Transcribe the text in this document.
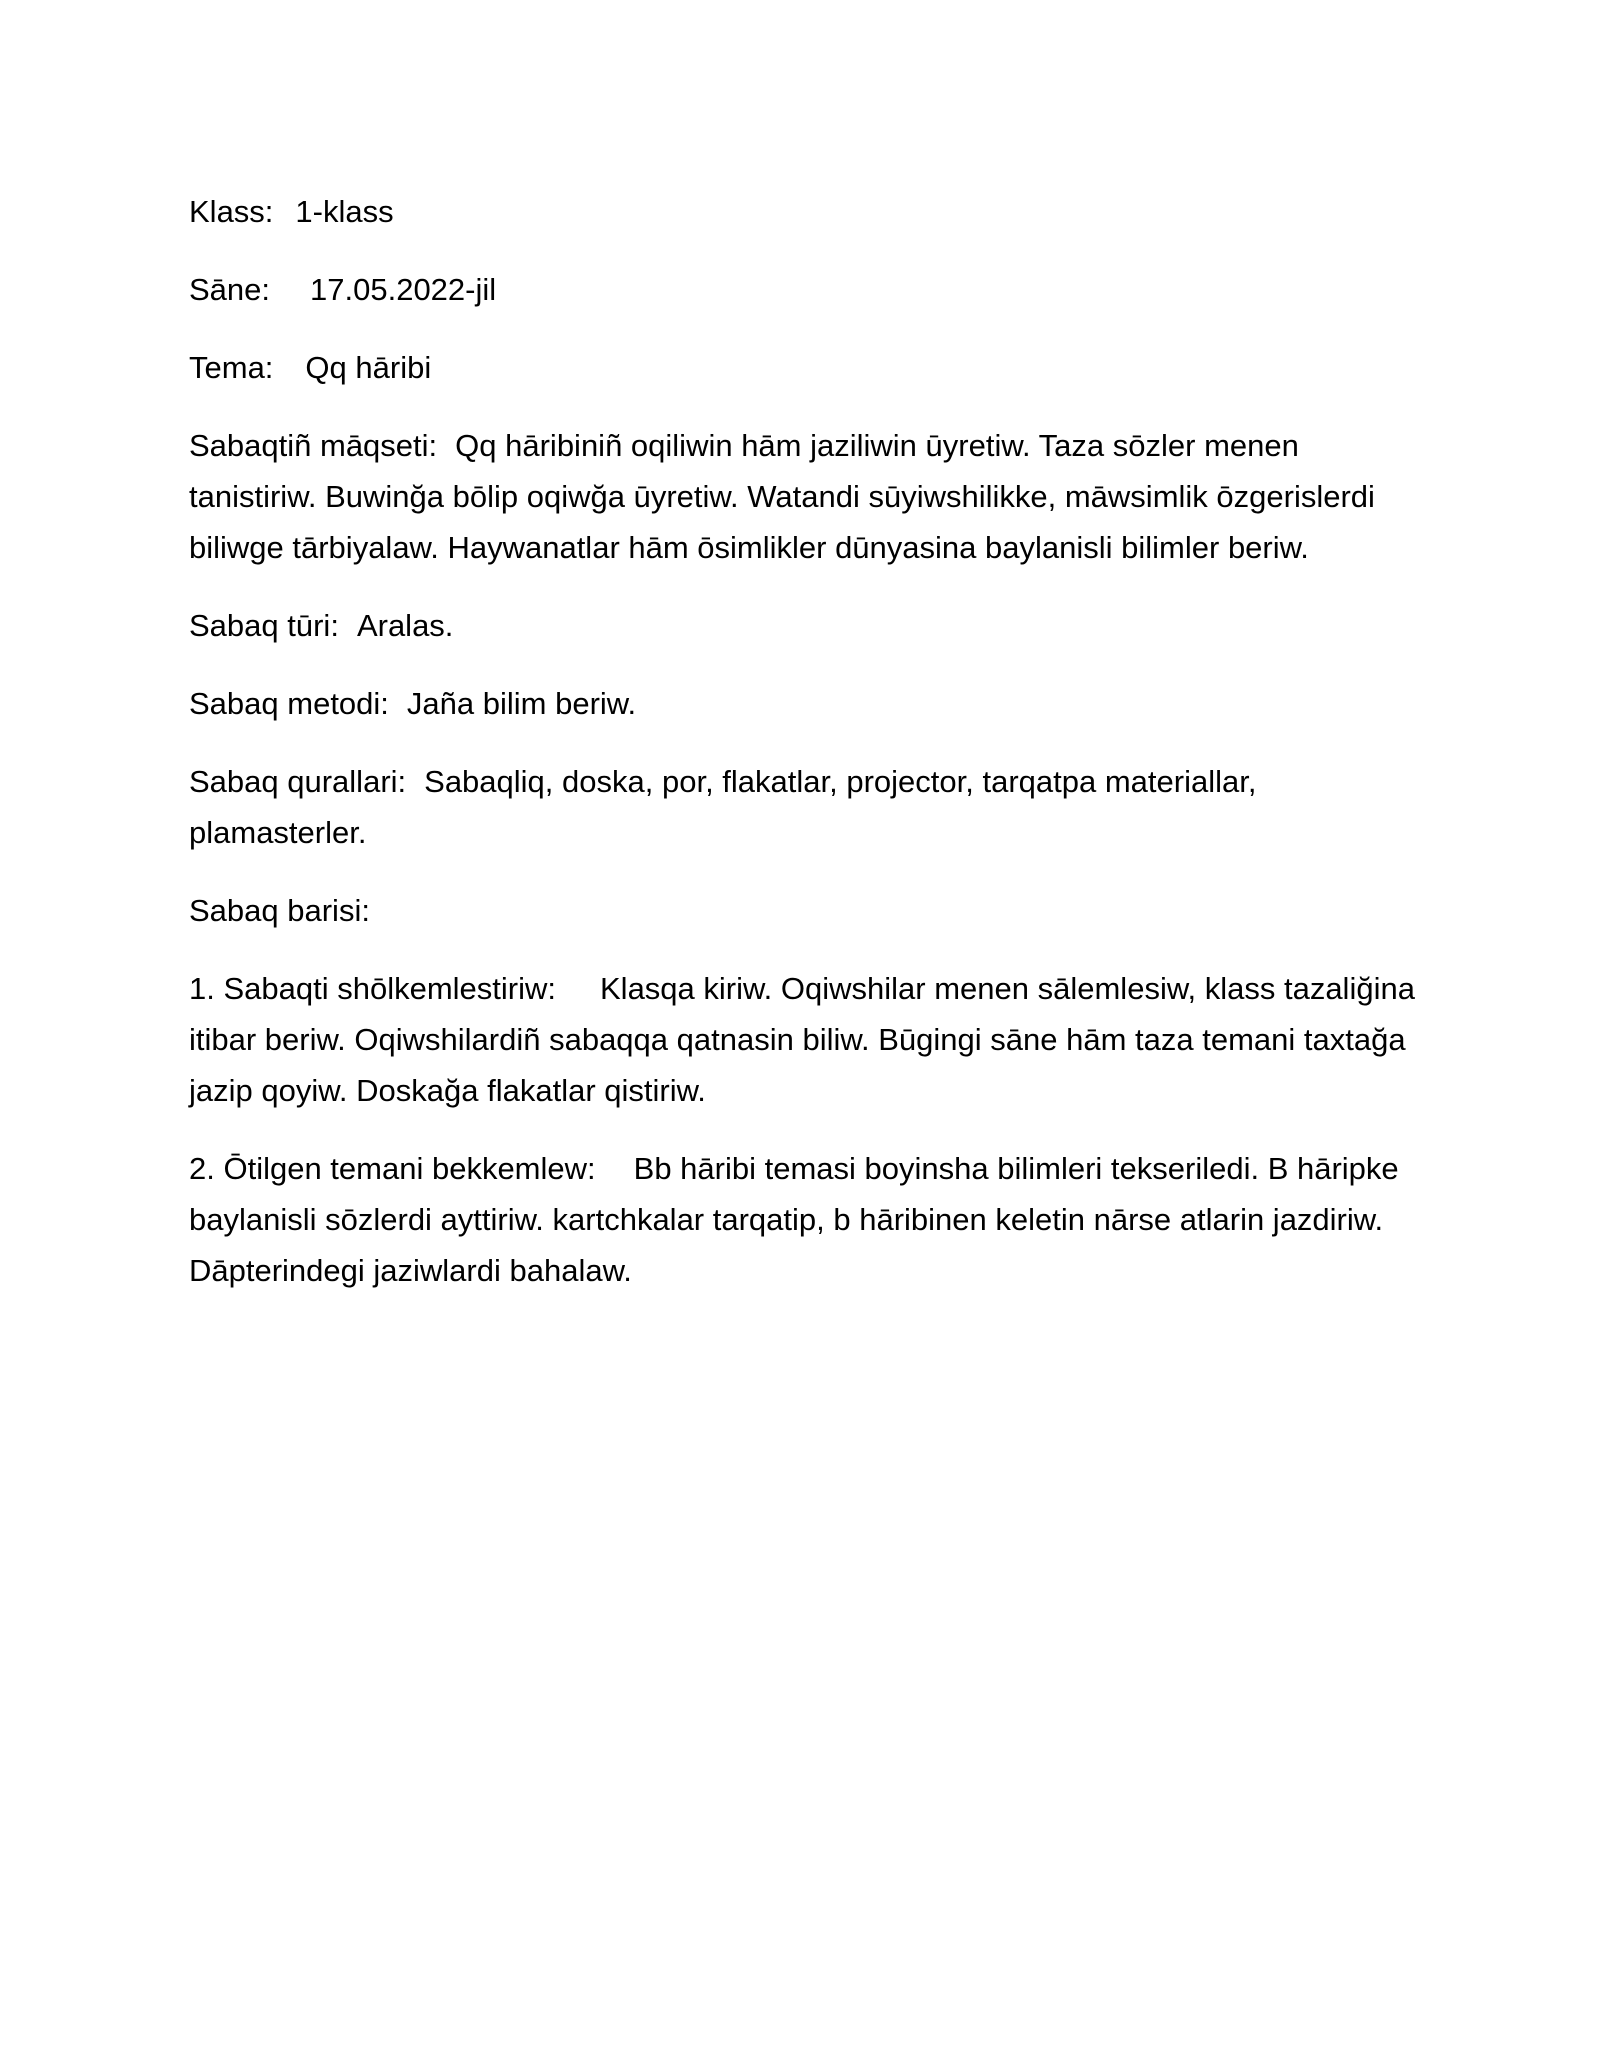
Klass: 1-klass

Sāne: 17.05.2022-jil

Tema: Qq hāribi

Sabaqtiñ māqseti: Qq hāribiniñ oqiliwin hām jaziliwin ūyretiw. Taza sōzler menen tanistiriw. Buwinğa bōlip oqiwğa ūyretiw. Watandi sūyiwshilikke, māwsimlik ōzgerislerdi biliwge tārbiyalaw. Haywanatlar hām ōsimlikler dūnyasina baylanisli bilimler beriw.

Sabaq tūri: Aralas.

Sabaq metodi: Jaña bilim beriw.

Sabaq qurallari: Sabaqliq, doska, por, flakatlar, projector, tarqatpa materiallar, plamasterler.

Sabaq barisi:

1. Sabaqti shōlkemlestiriw: Klasqa kiriw. Oqiwshilar menen sālemlesiw, klass tazaliğina itibar beriw. Oqiwshilardiñ sabaqqa qatnasin biliw. Būgingi sāne hām taza temani taxtağa jazip qoyiw. Doskağa flakatlar qistiriw.

2. Ōtilgen temani bekkemlew: Bb hāribi temasi boyinsha bilimleri tekseriledi. B hāripke baylanisli sōzlerdi ayttiriw. kartchkalar tarqatip, b hāribinen keletin nārse atlarin jazdiriw. Dāpterindegi jaziwlardi bahalaw.
